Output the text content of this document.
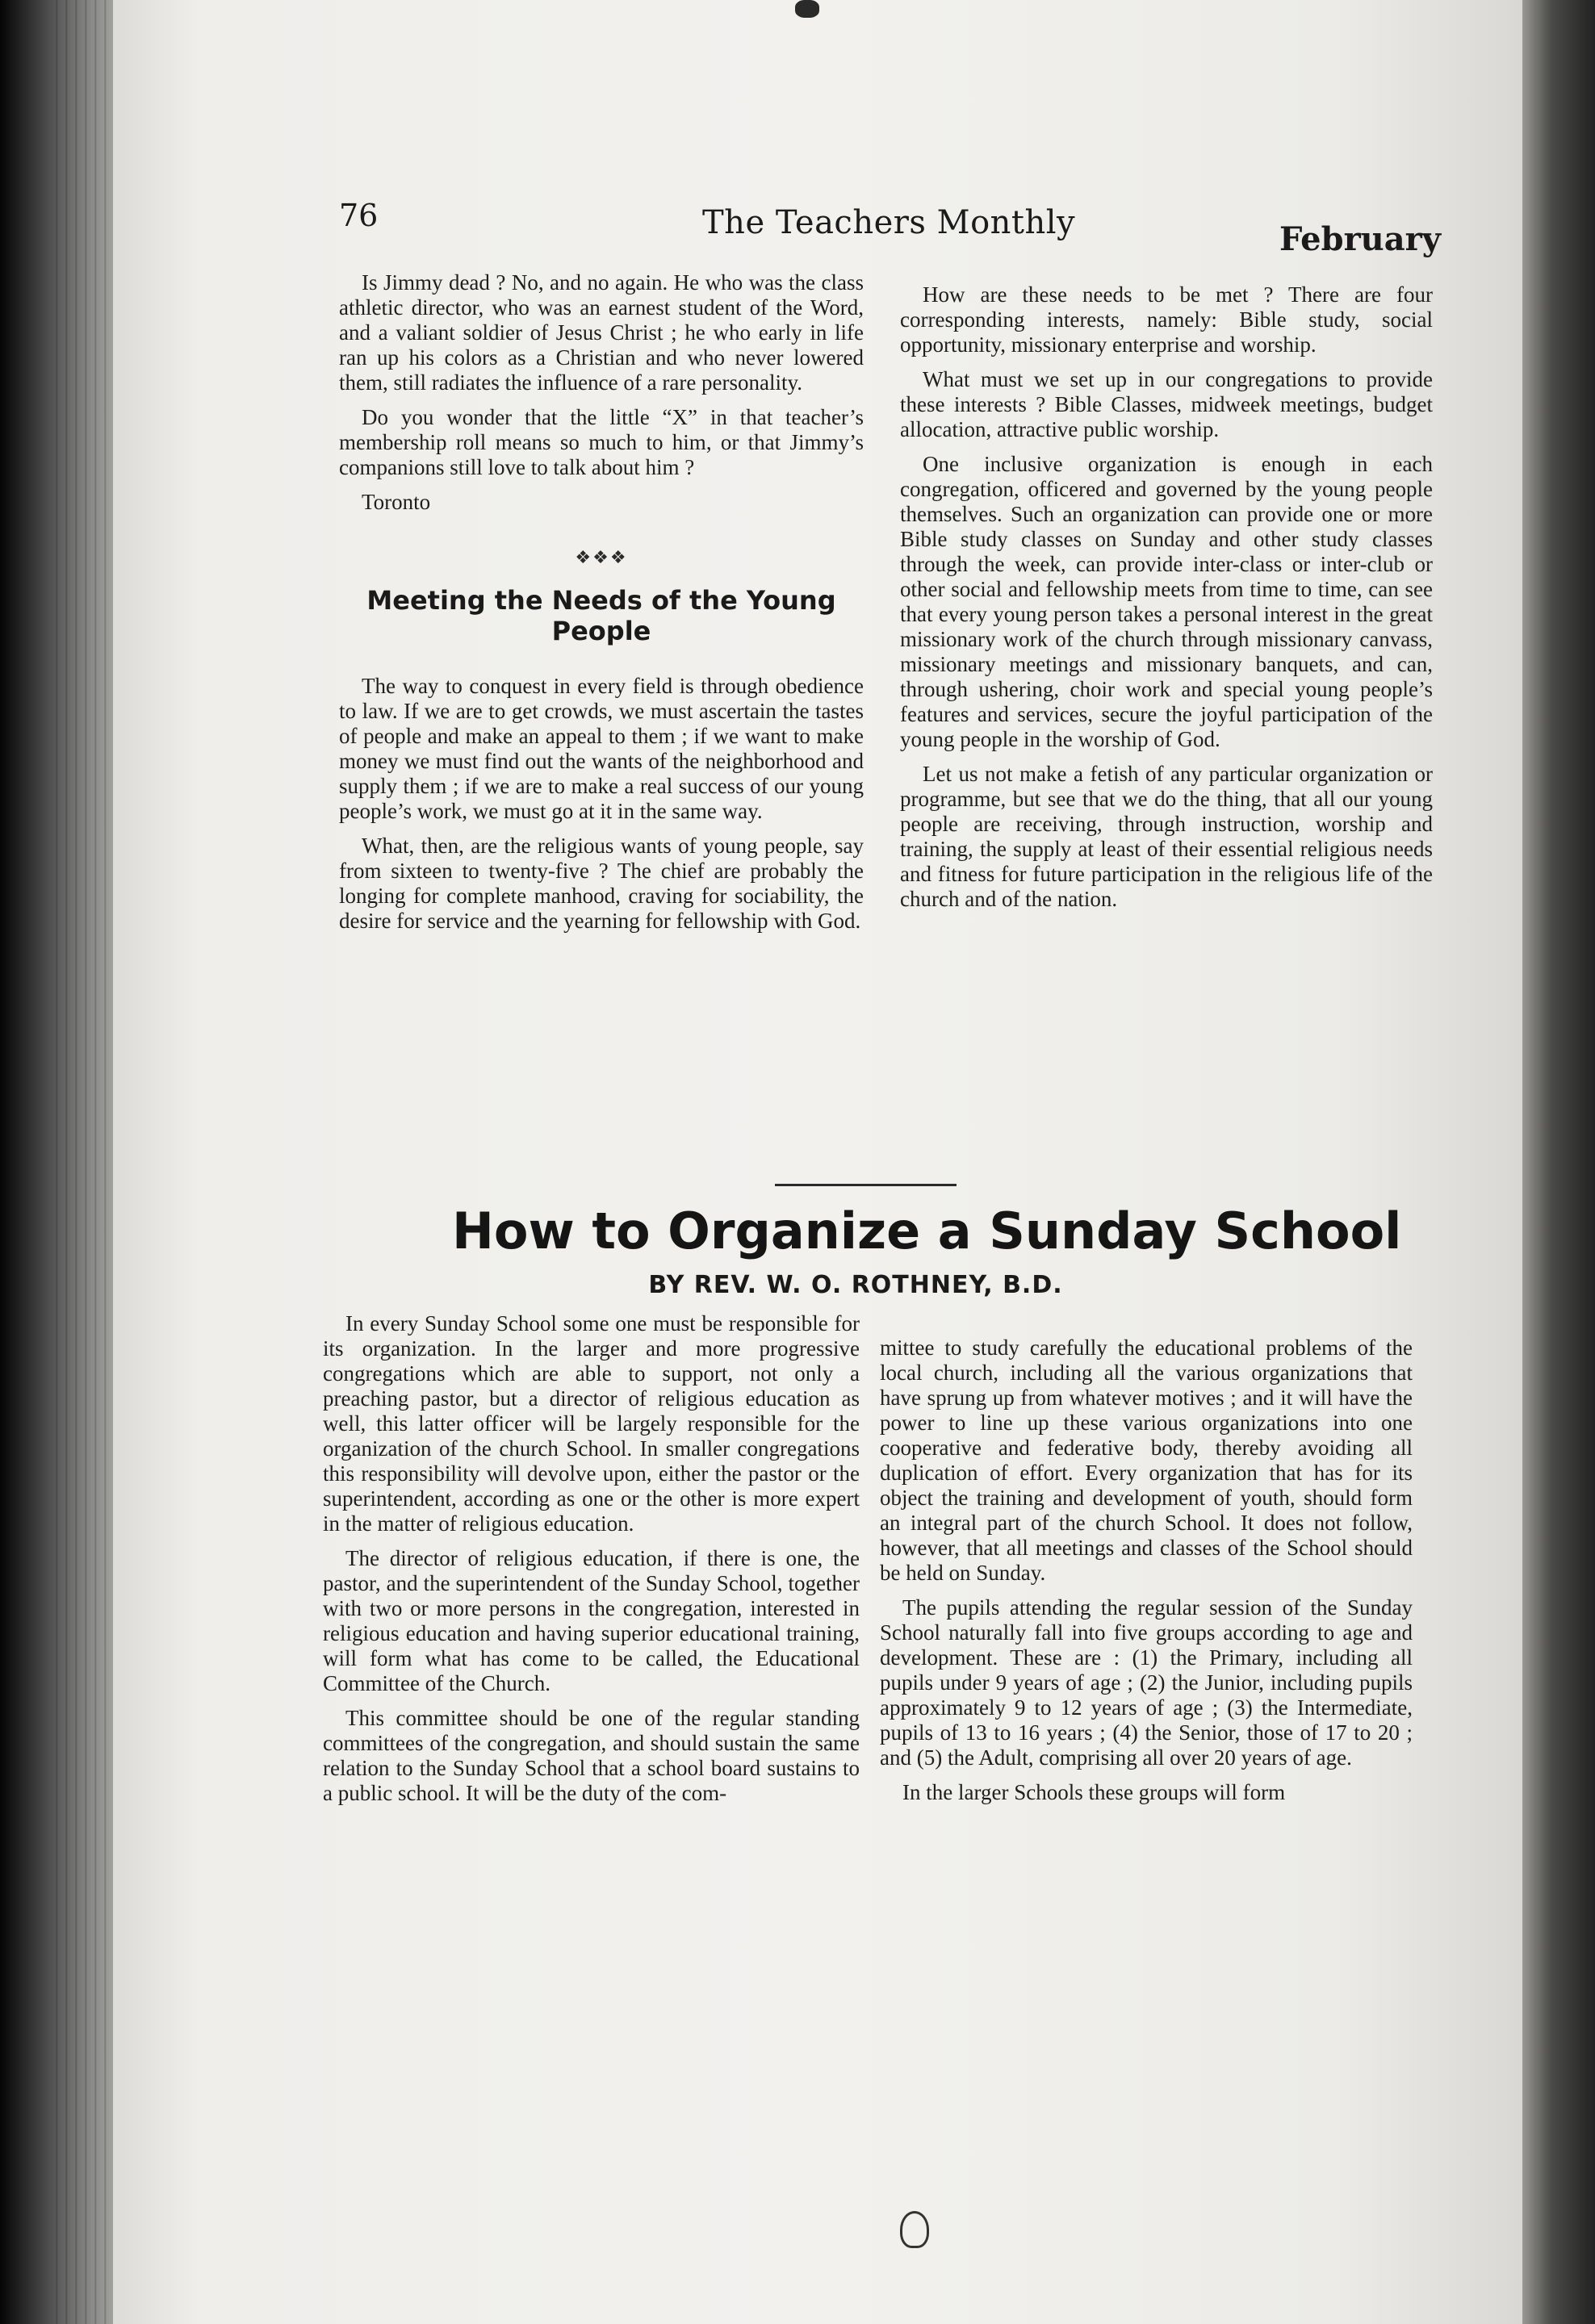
76	The Teachers Monthly	February

Is Jimmy dead ? No, and no again. He who was the class athletic director, who was an earnest student of the Word, and a valiant soldier of Jesus Christ ; he who early in life ran up his colors as a Christian and who never lowered them, still radiates the influence of a rare personality.

Do you wonder that the little “X” in that teacher’s membership roll means so much to him, or that Jimmy’s companions still love to talk about him ?

Toronto
❖❖❖
Meeting the Needs of the Young People

The way to conquest in every field is through obedience to law. If we are to get crowds, we must ascertain the tastes of people and make an appeal to them ; if we want to make money we must find out the wants of the neighborhood and supply them ; if we are to make a real success of our young people’s work, we must go at it in the same way.

What, then, are the religious wants of young people, say from sixteen to twenty-five ? The chief are probably the longing for complete manhood, craving for sociability, the desire for service and the yearning for fellowship with God.

How are these needs to be met ? There are four corresponding interests, namely: Bible study, social opportunity, missionary enterprise and worship.

What must we set up in our congregations to provide these interests ? Bible Classes, midweek meetings, budget allocation, attractive public worship.

One inclusive organization is enough in each congregation, officered and governed by the young people themselves. Such an organization can provide one or more Bible study classes on Sunday and other study classes through the week, can provide inter-class or inter-club or other social and fellowship meets from time to time, can see that every young person takes a personal interest in the great missionary work of the church through missionary canvass, missionary meetings and missionary banquets, and can, through ushering, choir work and special young people’s features and services, secure the joyful participation of the young people in the worship of God.

Let us not make a fetish of any particular organization or programme, but see that we do the thing, that all our young people are receiving, through instruction, worship and training, the supply at least of their essential religious needs and fitness for future participation in the religious life of the church and of the nation.

How to Organize a Sunday School
BY REV. W. O. ROTHNEY, B.D.

In every Sunday School some one must be responsible for its organization. In the larger and more progressive congregations which are able to support, not only a preaching pastor, but a director of religious education as well, this latter officer will be largely responsible for the organization of the church School. In smaller congregations this responsibility will devolve upon, either the pastor or the superintendent, according as one or the other is more expert in the matter of religious education.

The director of religious education, if there is one, the pastor, and the superintendent of the Sunday School, together with two or more persons in the congregation, interested in religious education and having superior educational training, will form what has come to be called, the Educational Committee of the Church.

This committee should be one of the regular standing committees of the congregation, and should sustain the same relation to the Sunday School that a school board sustains to a public school. It will be the duty of the com-

mittee to study carefully the educational problems of the local church, including all the various organizations that have sprung up from whatever motives ; and it will have the power to line up these various organizations into one cooperative and federative body, thereby avoiding all duplication of effort. Every organization that has for its object the training and development of youth, should form an integral part of the church School. It does not follow, however, that all meetings and classes of the School should be held on Sunday.

The pupils attending the regular session of the Sunday School naturally fall into five groups according to age and development. These are : (1) the Primary, including all pupils under 9 years of age ; (2) the Junior, including pupils approximately 9 to 12 years of age ; (3) the Intermediate, pupils of 13 to 16 years ; (4) the Senior, those of 17 to 20 ; and (5) the Adult, comprising all over 20 years of age.

In the larger Schools these groups will form
